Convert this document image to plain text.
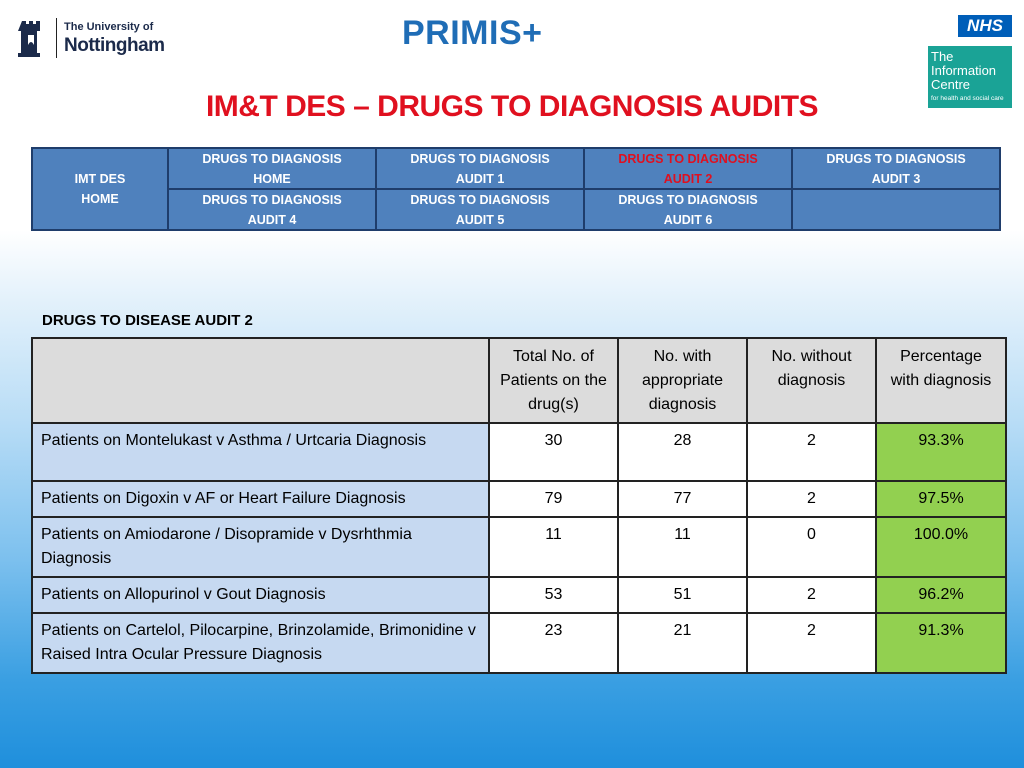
The University of
Nottingham	PRIMIS+	NHS
The
Information
Centre
for health and social care
IM&T DES – DRUGS TO DIAGNOSIS AUDITS
IMT DES
HOME
DRUGS TO DIAGNOSIS
HOME
DRUGS TO DIAGNOSIS
AUDIT 1
DRUGS TO DIAGNOSIS
AUDIT 2
DRUGS TO DIAGNOSIS
AUDIT 3
DRUGS TO DIAGNOSIS
AUDIT 4
DRUGS TO DIAGNOSIS
AUDIT 5
DRUGS TO DIAGNOSIS
AUDIT 6
DRUGS TO DISEASE AUDIT 2
	Total No. of Patients on the drug(s)	No. with appropriate diagnosis	No. without diagnosis	Percentage with diagnosis
Patients on Montelukast v Asthma / Urtcaria Diagnosis	30	28	2	93.3%
Patients on Digoxin v AF or Heart Failure Diagnosis	79	77	2	97.5%
Patients on Amiodarone / Disopramide v Dysrhthmia Diagnosis	11	11	0	100.0%
Patients on Allopurinol v Gout Diagnosis	53	51	2	96.2%
Patients on Cartelol, Pilocarpine, Brinzolamide, Brimonidine v Raised Intra Ocular Pressure Diagnosis	23	21	2	91.3%
